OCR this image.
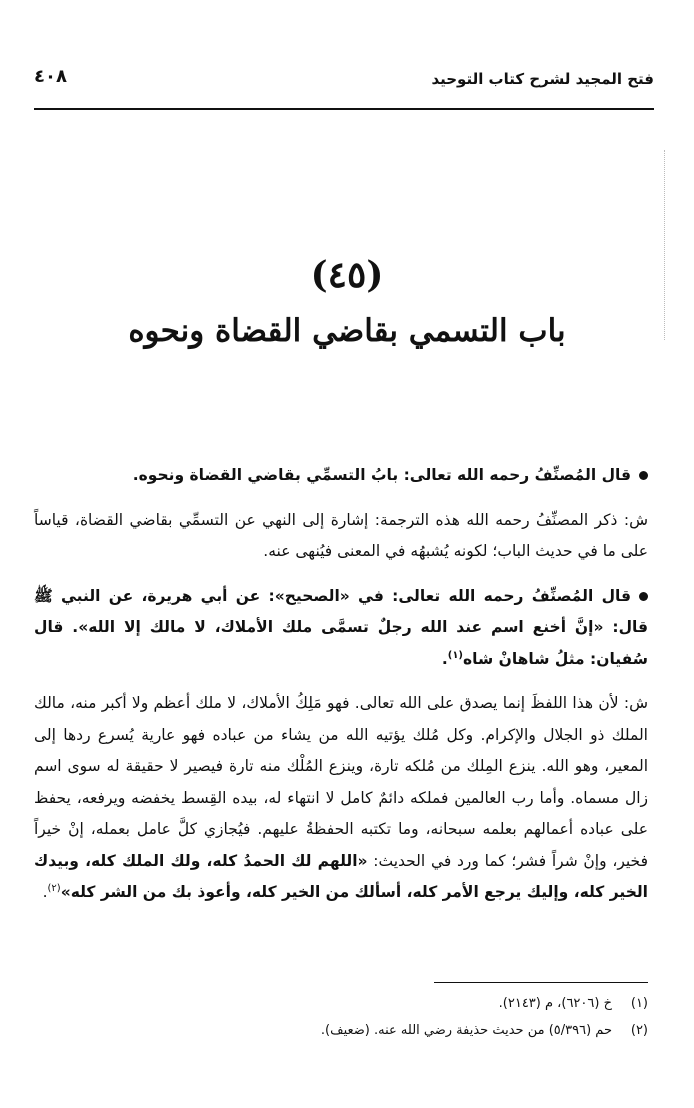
فتح المجيد لشرح كتاب التوحيد
٤٠٨
(٤٥)
باب التسمي بقاضي القضاة ونحوه

قال المُصنِّفُ رحمه الله تعالى: بابُ التسمِّي بقاضي القضاة ونحوه.

ش: ذكر المصنِّفُ رحمه الله هذه الترجمة: إشارة إلى النهي عن التسمِّي بقاضي القضاة، قياساً على ما في حديث الباب؛ لكونه يُشبهُه في المعنى فيُنهى عنه.

قال المُصنِّفُ رحمه الله تعالى: في «الصحيح»: عن أبي هريرة، عن النبي ﷺ قال: «إنَّ أخنع اسم عند الله رجلٌ تسمَّى ملك الأملاك، لا مالك إلا الله». قال سُفيان: مثلُ شاهانْ شاه$^{(١)}$.

ش: لأن هذا اللفظَ إنما يصدق على الله تعالى. فهو مَلِكُ الأملاك، لا ملك أعظم ولا أكبر منه، مالك الملك ذو الجلال والإكرام. وكل مُلك يؤتيه الله من يشاء من عباده فهو عارية يُسرع ردها إلى المعير، وهو الله. ينزع المِلك من مُلكه تارة، وينزع المُلْك منه تارة فيصير لا حقيقة له سوى اسم زال مسماه. وأما رب العالمين فملكه دائمٌ كامل لا انتهاء له، بيده القِسط يخفضه ويرفعه، يحفظ على عباده أعمالهم بعلمه سبحانه، وما تكتبه الحفظةُ عليهم. فيُجازي كلَّ عامل بعمله، إنْ خيراً فخير، وإنْ شراً فشر؛ كما ورد في الحديث: «اللهم لك الحمدُ كله، ولك الملك كله، وبيدك الخير كله، وإليك يرجع الأمر كله، أسألك من الخير كله، وأعوذ بك من الشر كله»$^{(٢)}$.

(١)
خ (٦٢٠٦)، م (٢١٤٣).
(٢)
حم (٥/٣٩٦) من حديث حذيفة رضي الله عنه. (ضعيف).
